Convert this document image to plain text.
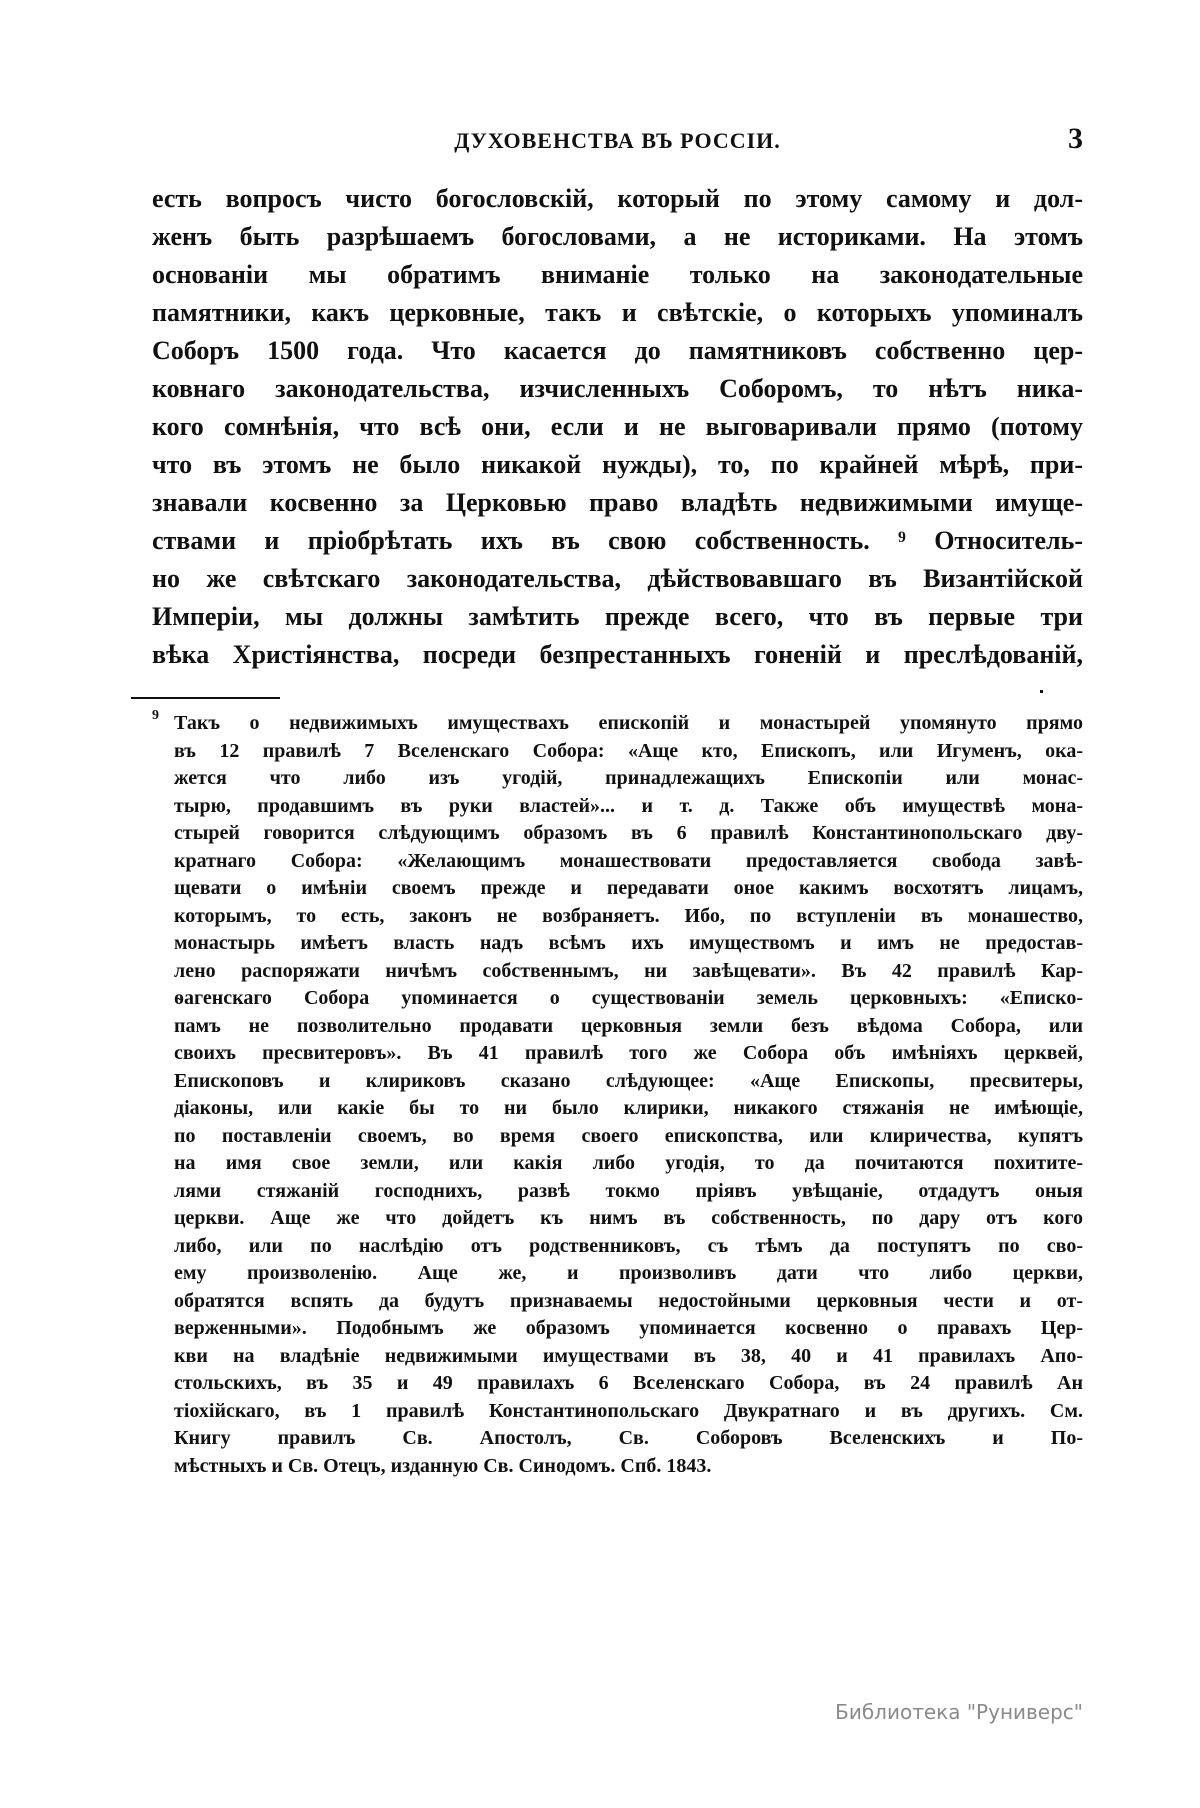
ДУХОВЕНСТВА ВЪ РОССІИ.	3
есть вопросъ чисто богословскій, который по этому самому и дол-
женъ быть разрѣшаемъ богословами, а не историками. На этомъ
основаніи мы обратимъ вниманіе только на законодательные
памятники, какъ церковные, такъ и свѣтскіе, о которыхъ упоминалъ
Соборъ 1500 года. Что касается до памятниковъ собственно цер-
ковнаго законодательства, изчисленныхъ Соборомъ, то нѣтъ ника-
кого сомнѣнія, что всѣ они, если и не выговаривали прямо (потому
что въ этомъ не было никакой нужды), то, по крайней мѣрѣ, при-
знавали косвенно за Церковью право владѣть недвижимыми имуще-
ствами и пріобрѣтать ихъ въ свою собственность. ⁹ Относитель-
но же свѣтскаго законодательства, дѣйствовавшаго въ Византійской
Имперіи, мы должны замѣтить прежде всего, что въ первые три
вѣка Христіянства, посреди безпрестанныхъ гоненій и преслѣдованій,
9 Такъ о недвижимыхъ имуществахъ епископій и монастырей упомянуто прямо
въ 12 правилѣ 7 Вселенскаго Собора: «Аще кто, Епископъ, или Игуменъ, ока-
жется что либо изъ угодій, принадлежащихъ Епископіи или монас-
тырю, продавшимъ въ руки властей»... и т. д. Также объ имуществѣ мона-
стырей говорится слѣдующимъ образомъ въ 6 правилѣ Константинопольскаго дву-
кратнаго Собора: «Желающимъ монашествовати предоставляется свобода завѣ-
щевати о имѣніи своемъ прежде и передавати оное какимъ восхотятъ лицамъ,
которымъ, то есть, законъ не возбраняетъ. Ибо, по вступленіи въ монашество,
монастырь имѣетъ власть надъ всѣмъ ихъ имуществомъ и имъ не предостав-
лено распоряжати ничѣмъ собственнымъ, ни завѣщевати». Въ 42 правилѣ Кар-
ѳагенскаго Собора упоминается о существованіи земель церковныхъ: «Еписко-
памъ не позволительно продавати церковныя земли безъ вѣдома Собора, или
своихъ пресвитеровъ». Въ 41 правилѣ того же Собора объ имѣніяхъ церквей,
Епископовъ и клириковъ сказано слѣдующее: «Аще Епископы, пресвитеры,
діаконы, или какіе бы то ни было клирики, никакого стяжанія не имѣющіе,
по поставленіи своемъ, во время своего епископства, или клиричества, купятъ
на имя свое земли, или какія либо угодія, то да почитаются похитите-
лями стяжаній господнихъ, развѣ токмо пріявъ увѣщаніе, отдадутъ оныя
церкви. Аще же что дойдетъ къ нимъ въ собственность, по дару отъ кого
либо, или по наслѣдію отъ родственниковъ, съ тѣмъ да поступятъ по сво-
ему произволенію. Аще же, и произволивъ дати что либо церкви,
обратятся вспять да будутъ признаваемы недостойными церковныя чести и от-
верженными». Подобнымъ же образомъ упоминается косвенно о правахъ Цер-
кви на владѣніе недвижимыми имуществами въ 38, 40 и 41 правилахъ Апо-
стольскихъ, въ 35 и 49 правилахъ 6 Вселенскаго Собора, въ 24 правилѣ Ан
тіохійскаго, въ 1 правилѣ Константинопольскаго Двукратнаго и въ другихъ. См.
Книгу правилъ Св. Апостолъ, Св. Соборовъ Вселенскихъ и По-
мѣстныхъ и Св. Отецъ, изданную Св. Синодомъ. Спб. 1843.
Библиотека "Руниверс"
